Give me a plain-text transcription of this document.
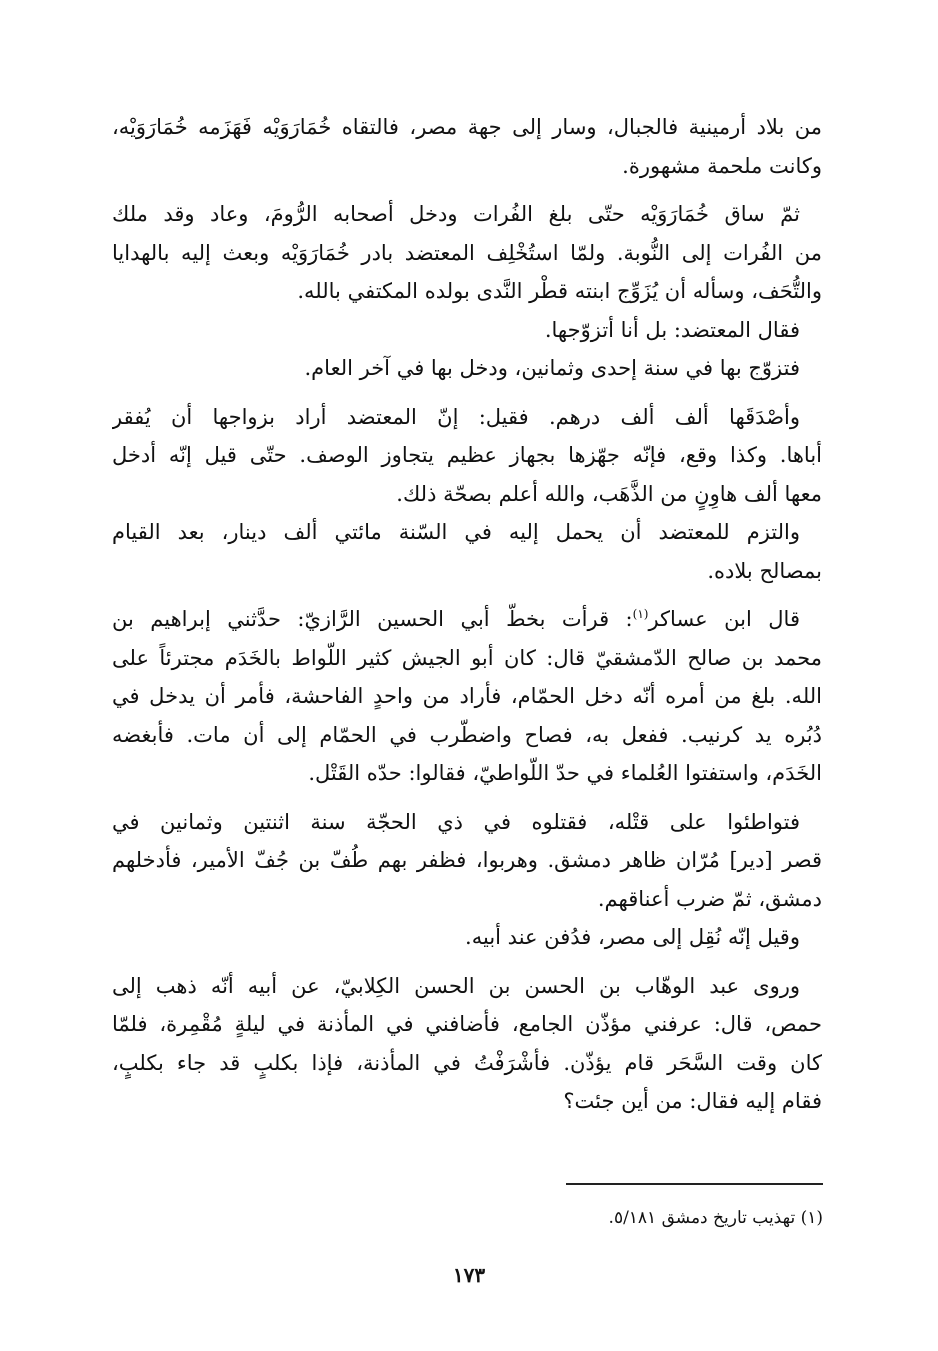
من بلاد أرمينية فالجبال، وسار إلى جهة مصر، فالتقاه خُمَارَوَيْه فَهَزَمه خُمَارَوَيْه،
وكانت ملحمة مشهورة.
ثمّ ساق خُمَارَوَيْه حتّى بلغ الفُرات ودخل أصحابه الرُّومَ، وعاد وقد ملك
من الفُرات إلى النُّوبة. ولمّا استُخْلِف المعتضد بادر خُمَارَوَيْه وبعث إليه بالهدايا
والتُّحَف، وسأله أن يُزَوِّج ابنته قطْر النَّدى بولده المكتفي بالله.
فقال المعتضد: بل أنا أتزوّجها.
فتزوّج بها في سنة إحدى وثمانين، ودخل بها في آخر العام.
وأصْدَقَها ألف ألف درهم. فقيل: إنّ المعتضد أراد بزواجها أن يُفقر
أباها. وكذا وقع، فإنّه جهّزها بجهاز عظيم يتجاوز الوصف. حتّى قيل إنّه أدخل
معها ألف هاوِنٍ من الذَّهَب، والله أعلم بصحّة ذلك.
والتزم للمعتضد أن يحمل إليه في السّنة مائتي ألف دينار، بعد القيام
بمصالح بلاده.
قال ابن عساكر$^{(١)}$: قرأت بخطّ أبي الحسين الرَّازيّ: حدَّثني إبراهيم بن
محمد بن صالح الدّمشقيّ قال: كان أبو الجيش كثير اللّواط بالخَدَم مجترئاً على
الله. بلغ من أمره أنّه دخل الحمّام، فأراد من واحدٍ الفاحشة، فأمر أن يدخل في
دُبُره يد كرنيب. ففعل به، فصاح واضطّرب في الحمّام إلى أن مات. فأبغضه
الخَدَم، واستفتوا العُلماء في حدّ اللّواطيّ، فقالوا: حدّه القَتْل.
فتواطئوا على قتْله، فقتلوه في ذي الحجّة سنة اثنتين وثمانين في
قصر [دير] مُرّان ظاهر دمشق. وهربوا، فظفر بهم طُفّ بن جُفّ الأمير، فأدخلهم
دمشق، ثمّ ضرب أعناقهم.
وقيل إنّه نُقِل إلى مصر، فدُفن عند أبيه.
وروى عبد الوهّاب بن الحسن بن الحسن الكِلابيّ، عن أبيه أنّه ذهب إلى
حمص، قال: عرفني مؤذّن الجامع، فأضافني في المأذنة في ليلةٍ مُقْمِرة، فلمّا
كان وقت السَّحَر قام يؤذّن. فأشْرَفْتُ في المأذنة، فإذا بكلبٍ قد جاء بكلبٍ،
فقام إليه فقال: من أين جئت؟
(١) تهذيب تاريخ دمشق ٥/١٨١.
١٧٣
